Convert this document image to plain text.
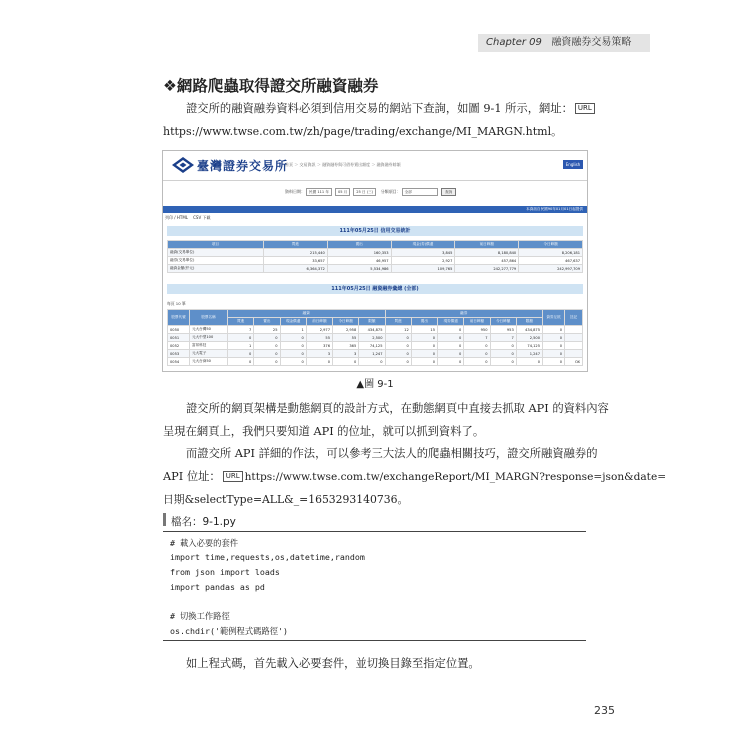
Chapter 09 融資融券交易策略
❖網路爬蟲取得證交所融資融券
證交所的融資融券資料必須到信用交易的網站下查詢，如圖 9-1 所示，網址： URL
https://www.twse.com.tw/zh/page/trading/exchange/MI_MARGN.html。
臺灣證券交易所
首頁 ＞ 交易資訊 ＞ 融資融券與可借券賣出額度 ＞ 融資融券餘額	English
資料日期： 民國 111 年	05 月	25 日 (三) 分類項目： 全部	查詢
本資訊自民國90年01月01日起提供
列印 / HTML CSV 下載
111年05月25日 信用交易統計
項目	買進	賣出	現金(券)償還	前日餘額	今日餘額
融資(交易單位)	215,440	160,353	3,845	8,180,840	8,206,181
融券(交易單位)	33,657	46,957	2,927	457,864	467,637
融資金額(仟元)	6,364,372	5,534,986	109,765	242,277,779	242,997,709
111年05月25日 融資融券彙總 (全部)
每頁 10 筆
股票代號	股票名稱	融資						融券						資券互抵	註記
		買進	賣出	現金償還	前日餘額	今日餘額	限額	買進	賣出	現券償還	前日餘額	今日餘額	限額		
0050	元大台灣50	7	25	1	2,977	2,958	434,875	12	15	0	950	953	434,875	0	
0051	元大中型100	0	0	0	55	55	2,500	0	0	0	7	7	2,500	0	
0052	富邦科技	1	0	0	376	365	74,125	0	0	0	0	0	74,125	0	
0053	元大電子	0	0	0	3	3	1,247	0	0	0	0	0	1,247	0	
0054	元大台商50	0	0	0	0	0	0	0	0	0	0	0	0	0	OX
▲圖 9-1
證交所的網頁架構是動態網頁的設計方式，在動態網頁中直接去抓取 API 的資料內容
呈現在網頁上，我們只要知道 API 的位址，就可以抓到資料了。
而證交所 API 詳細的作法，可以參考三大法人的爬蟲相關技巧，證交所融資融券的
API 位址： URL https://www.twse.com.tw/exchangeReport/MI_MARGN?response=json&date=
日期&selectType=ALL&_=1653293140736。
檔名：9-1.py
# 載入必要的套件
import time,requests,os,datetime,random
from json import loads
import pandas as pd
# 切換工作路徑
os.chdir('範例程式碼路徑')
如上程式碼，首先載入必要套件，並切換目錄至指定位置。
235
